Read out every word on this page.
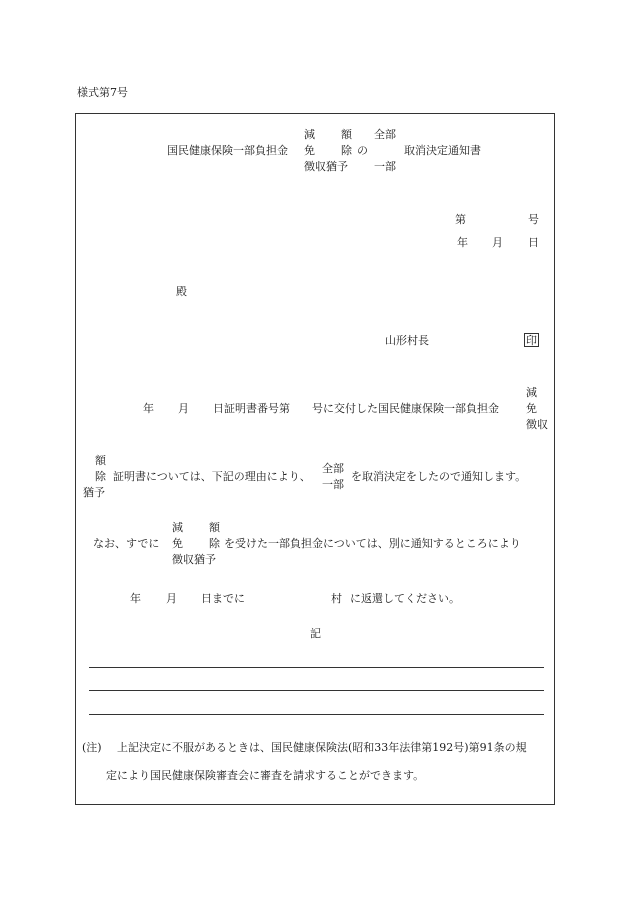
様式第7号
国民健康保険一部負担金
減
免
徴収猶予
額
除 の
全部
一部
取消決定通知書
第	号
年 月 日
殿
山形村長	印
年 月 日証明書番号第　　号に交付した国民健康保険一部負担金
減
免
徴収
額
除
猶予
証明書については、下記の理由により、
全部
一部
を取消決定をしたので通知します。
なお、すでに
減
免
徴収猶予
額
除 を受けた一部負担金については、別に通知するところにより
年 月 日までに	村 に返還してください。
記
(注) 上記決定に不服があるときは、国民健康保険法(昭和33年法律第192号)第91条の規
定により国民健康保険審査会に審査を請求することができます。
